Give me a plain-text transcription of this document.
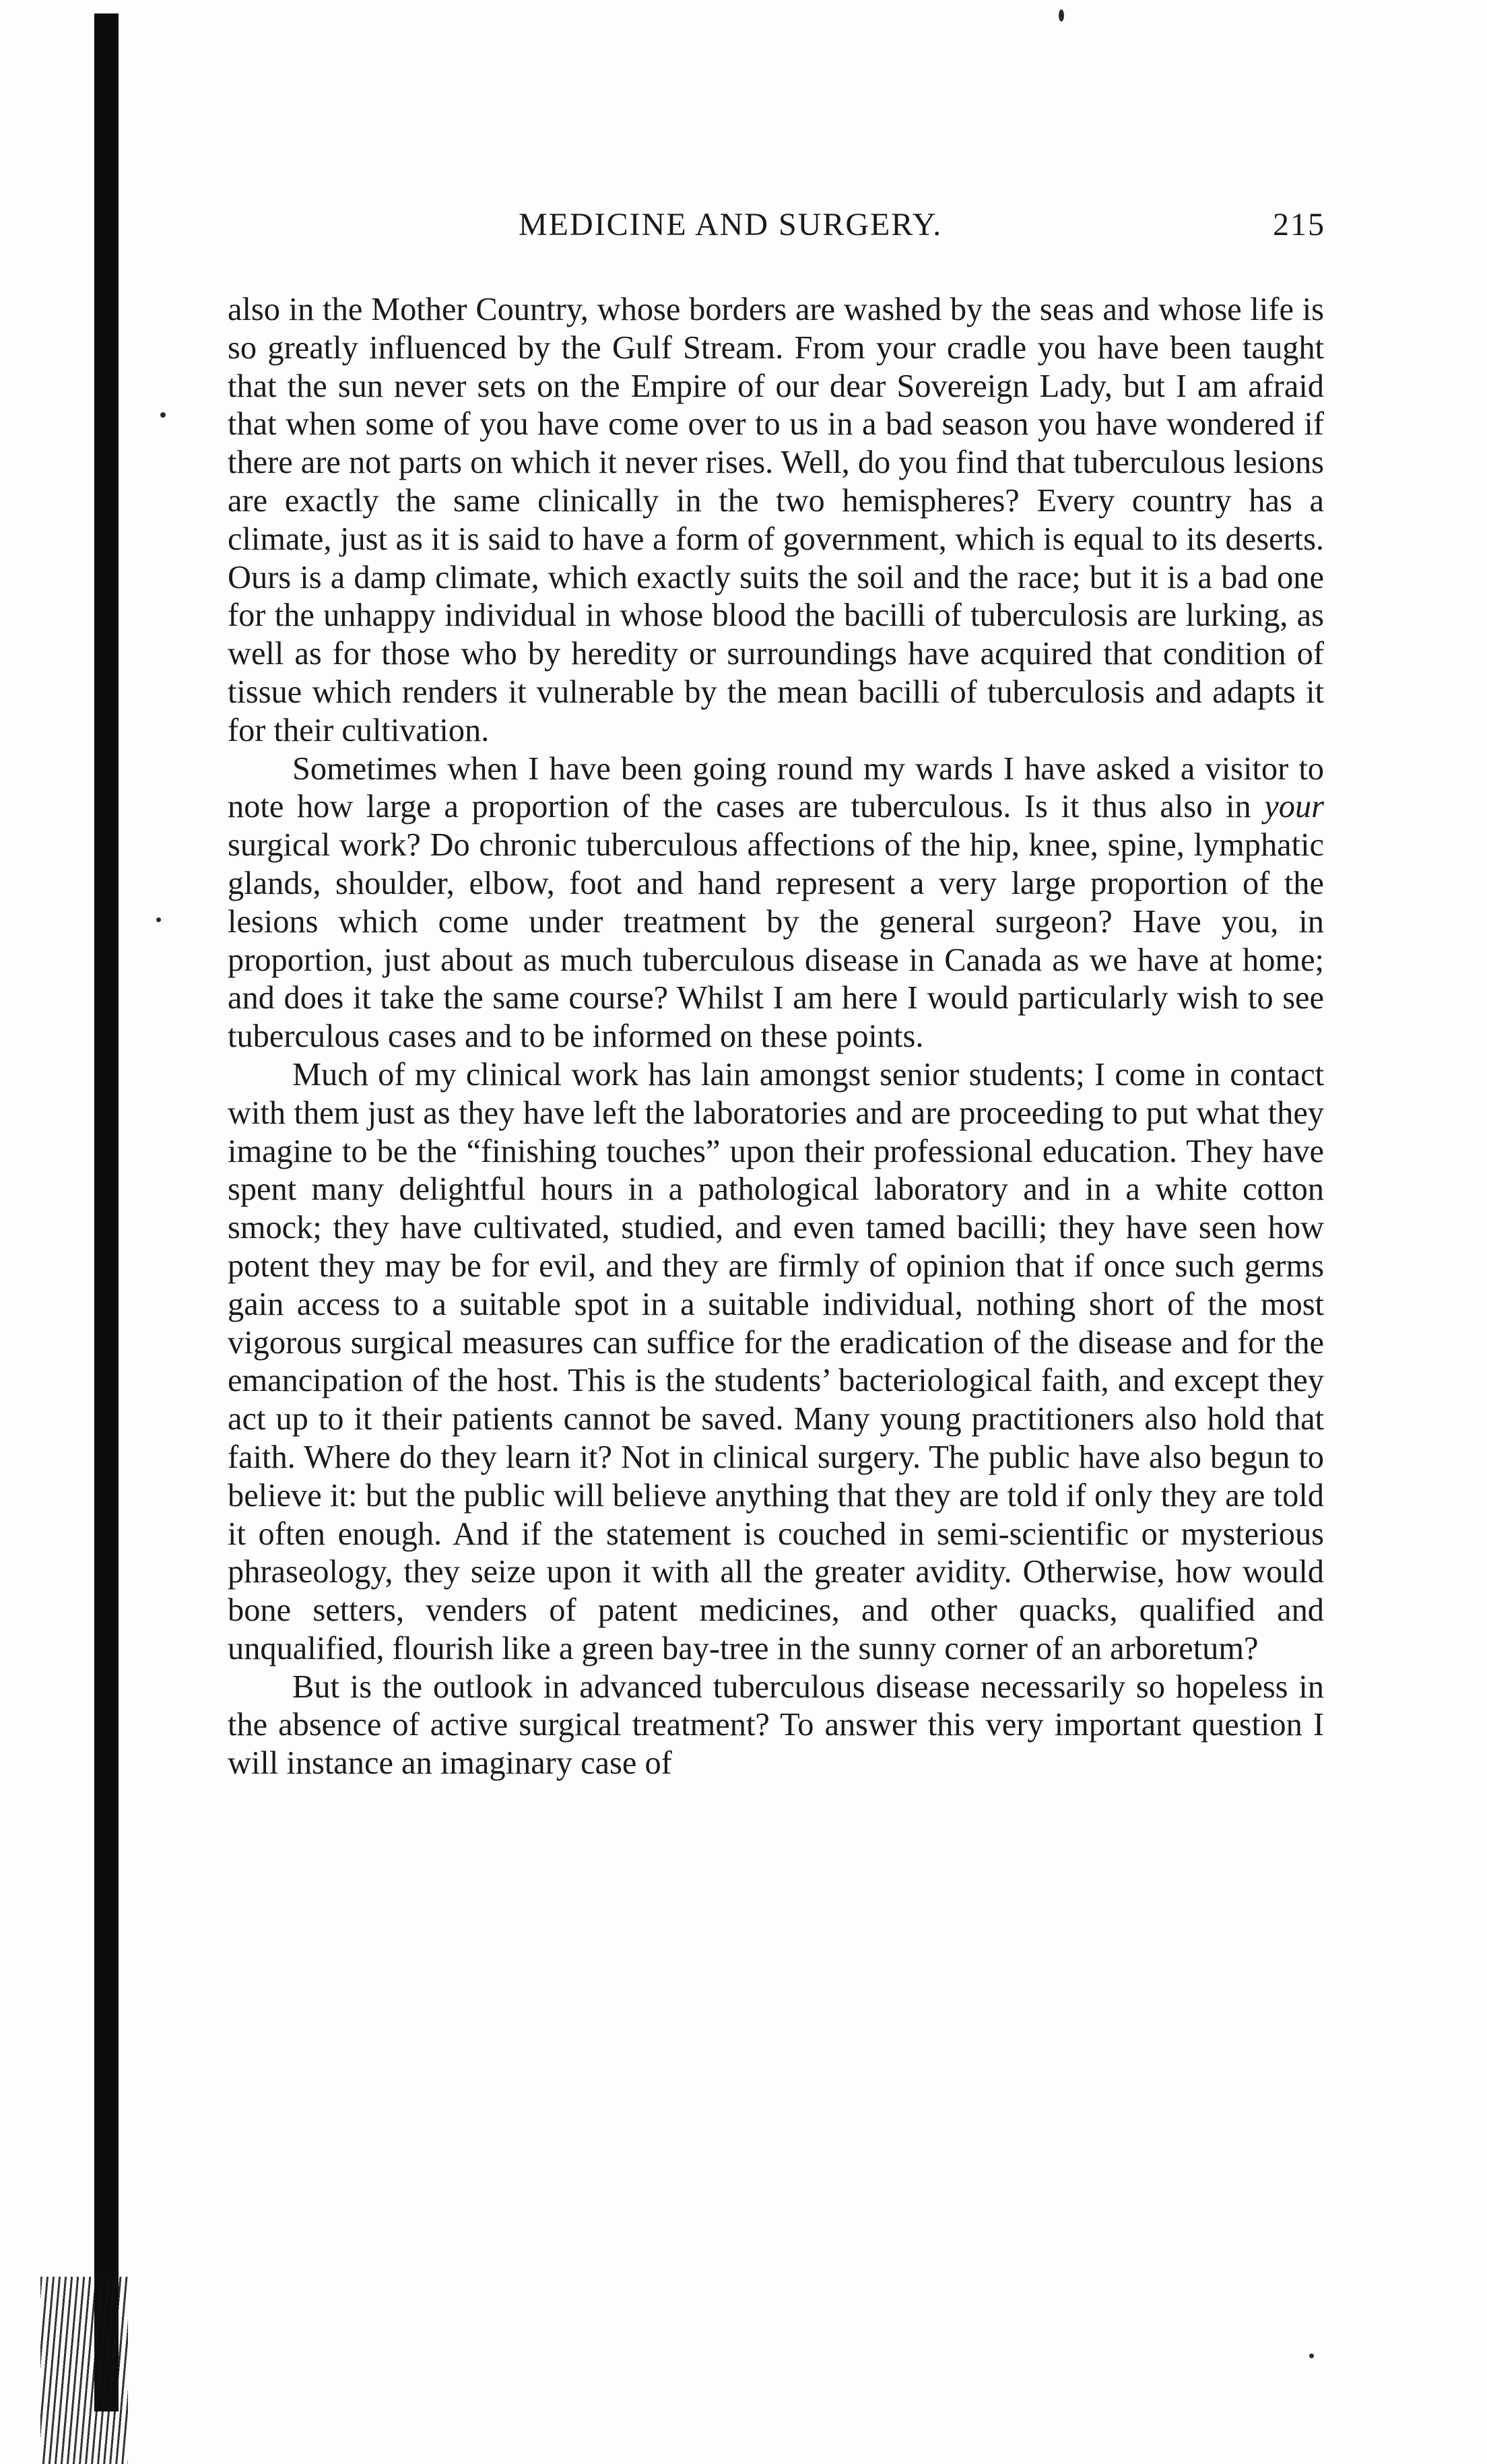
MEDICINE AND SURGERY.	215

also in the Mother Country, whose borders are washed by the seas and whose life is so greatly influenced by the Gulf Stream. From your cradle you have been taught that the sun never sets on the Empire of our dear Sovereign Lady, but I am afraid that when some of you have come over to us in a bad season you have wondered if there are not parts on which it never rises. Well, do you find that tuberculous lesions are exactly the same clinically in the two hemispheres? Every country has a climate, just as it is said to have a form of government, which is equal to its deserts. Ours is a damp climate, which exactly suits the soil and the race; but it is a bad one for the unhappy individual in whose blood the bacilli of tuberculosis are lurking, as well as for those who by heredity or surroundings have acquired that condition of tissue which renders it vulnerable by the mean bacilli of tuberculosis and adapts it for their cultivation.

Sometimes when I have been going round my wards I have asked a visitor to note how large a proportion of the cases are tuberculous. Is it thus also in your surgical work? Do chronic tuberculous affections of the hip, knee, spine, lymphatic glands, shoulder, elbow, foot and hand represent a very large proportion of the lesions which come under treatment by the general surgeon? Have you, in proportion, just about as much tuberculous disease in Canada as we have at home; and does it take the same course? Whilst I am here I would particularly wish to see tuberculous cases and to be informed on these points.

Much of my clinical work has lain amongst senior students; I come in contact with them just as they have left the laboratories and are proceeding to put what they imagine to be the “finishing touches” upon their professional education. They have spent many delightful hours in a pathological laboratory and in a white cotton smock; they have cultivated, studied, and even tamed bacilli; they have seen how potent they may be for evil, and they are firmly of opinion that if once such germs gain access to a suitable spot in a suitable individual, nothing short of the most vigorous surgical measures can suffice for the eradication of the disease and for the emancipation of the host. This is the students’ bacteriological faith, and except they act up to it their patients cannot be saved. Many young practitioners also hold that faith. Where do they learn it? Not in clinical surgery. The public have also begun to believe it: but the public will believe anything that they are told if only they are told it often enough. And if the statement is couched in semi-scientific or mysterious phraseology, they seize upon it with all the greater avidity. Otherwise, how would bone setters, venders of patent medicines, and other quacks, qualified and unqualified, flourish like a green bay-tree in the sunny corner of an arboretum?

But is the outlook in advanced tuberculous disease necessarily so hopeless in the absence of active surgical treatment? To answer this very important question I will instance an imaginary case of
